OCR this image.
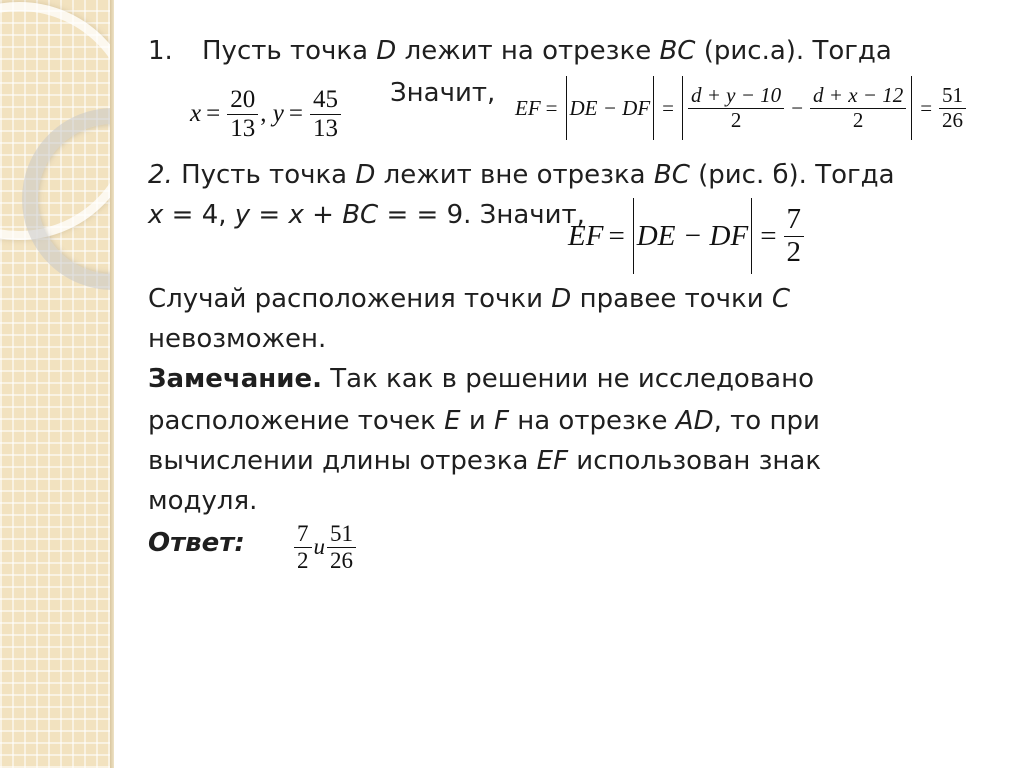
1. Пусть точка D лежит на отрезке BC (рис.а). Тогда
$x = \frac{20}{13}$ ,
$y = \frac{45}{13}$ Значит, EF = DE − DF = $\frac{d + y - 10}{2} - \frac{d + x - 12}{2} = \frac{51}{26}$
2. Пусть точка D лежит вне отрезка BC (рис. б). Тогда
x = 4, y = x + BC = = 9. Значит,
EF = DE − DF = $\frac{7}{2}$
Случай расположения точки D правее точки C
невозможен.
Замечание. Так как в решении не исследовано
расположение точек E и F на отрезке AD, то при
вычислении длины отрезка EF использован знак
модуля.
Ответ: $\frac{7}{2}$ и $\frac{51}{26}$
